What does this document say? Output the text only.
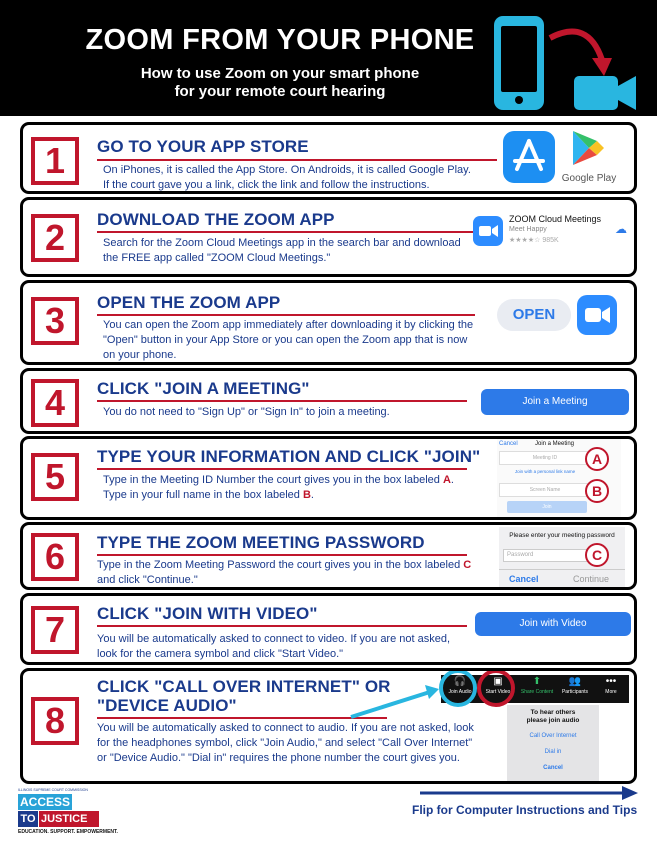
ZOOM FROM YOUR PHONE
How to use Zoom on your smart phone
for your remote court hearing
1	GO TO YOUR APP STORE
On iPhones, it is called the App Store. On Androids, it is called Google Play.
If the court gave you a link, click the link and follow the instructions.
Google Play
2	DOWNLOAD THE ZOOM APP
Search for the Zoom Cloud Meetings app in the search bar and download
the FREE app called "ZOOM Cloud Meetings."
ZOOM Cloud Meetings
Meet Happy
★★★★☆ 985K
☁
3	OPEN THE ZOOM APP
You can open the Zoom app immediately after downloading it by clicking the
"Open" button in your App Store or you can open the Zoom app that is now
on your phone.
OPEN
4	CLICK "JOIN A MEETING"
You do not need to "Sign Up" or "Sign In" to join a meeting.
Join a Meeting
5	TYPE YOUR INFORMATION AND CLICK "JOIN"
Type in the Meeting ID Number the court gives you in the box labeled A.
Type in your full name in the box labeled B.
Cancel	Join a Meeting
Meeting ID
Join with a personal link name
Screen Name
Join
A
B
6	TYPE THE ZOOM MEETING PASSWORD
Type in the Zoom Meeting Password the court gives you in the box labeled C
and click "Continue."
Please enter your meeting password
Password
Cancel	Continue
C
7	CLICK "JOIN WITH VIDEO"
You will be automatically asked to connect to video. If you are not asked,
look for the camera symbol and click "Start Video."
Join with Video
8
CLICK "CALL OVER INTERNET" OR
"DEVICE AUDIO"
You will be automatically asked to connect to audio. If you are not asked, look
for the headphones symbol, click "Join Audio," and select "Call Over Internet"
or "Device Audio." "Dial in" requires the phone number the court gives you.
🎧
Join Audio
▣
Start Video
⬆
Share Content
👥
Participants
•••
More
To hear others
please join audio
Call Over Internet
Dial in
Cancel
ILLINOIS SUPREME COURT COMMISSION
ACCESS
TO JUSTICE
EDUCATION. SUPPORT. EMPOWERMENT.
Flip for Computer Instructions and Tips
